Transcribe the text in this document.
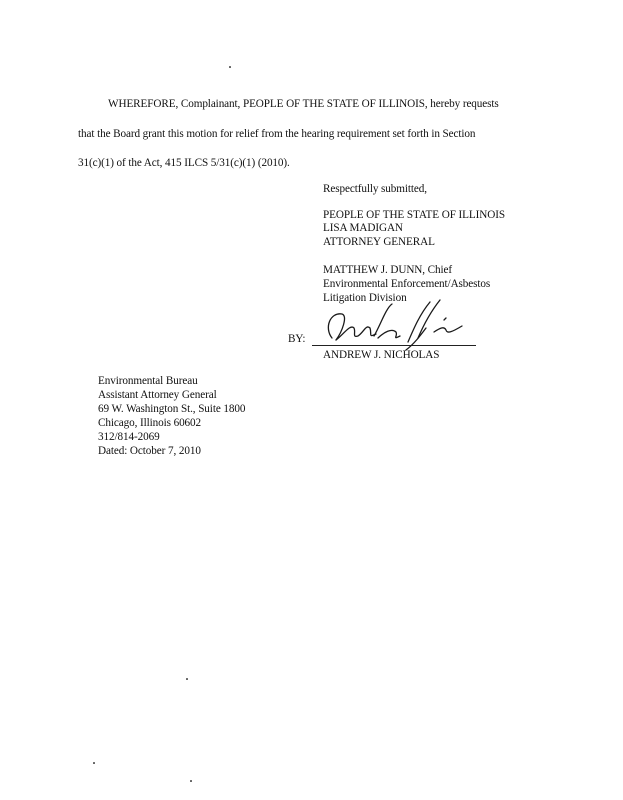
WHEREFORE, Complainant, PEOPLE OF THE STATE OF ILLINOIS, hereby requests
that the Board grant this motion for relief from the hearing requirement set forth in Section
31(c)(1) of the Act, 415 ILCS 5/31(c)(1) (2010).
Respectfully submitted,
PEOPLE OF THE STATE OF ILLINOIS
LISA MADIGAN
ATTORNEY GENERAL
MATTHEW J. DUNN, Chief
Environmental Enforcement/Asbestos
Litigation Division
BY:
ANDREW J. NICHOLAS
Environmental Bureau
Assistant Attorney General
69 W. Washington St., Suite 1800
Chicago, Illinois 60602
312/814-2069
Dated: October 7, 2010
